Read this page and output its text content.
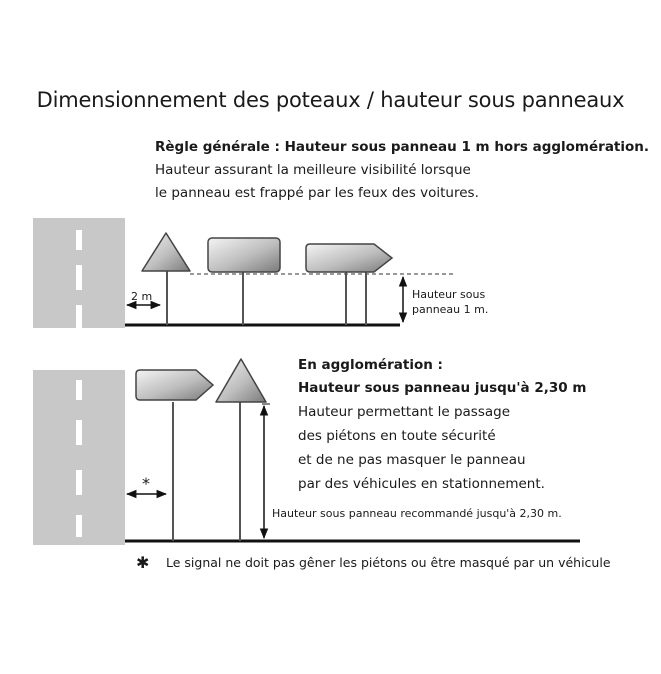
Dimensionnement des poteaux / hauteur sous panneaux
Règle générale : Hauteur sous panneau 1 m hors agglomération.
Hauteur assurant la meilleure visibilité lorsque
le panneau est frappé par les feux des voitures.
En agglomération :
Hauteur sous panneau jusqu'à 2,30 m
Hauteur permettant le passage
des piétons en toute sécurité
et de ne pas masquer le panneau
par des véhicules en stationnement.
2 m	Hauteur sous
panneau 1 m.
*
Hauteur sous panneau recommandé jusqu'à 2,30 m.
✱ Le signal ne doit pas gêner les piétons ou être masqué par un véhicule
